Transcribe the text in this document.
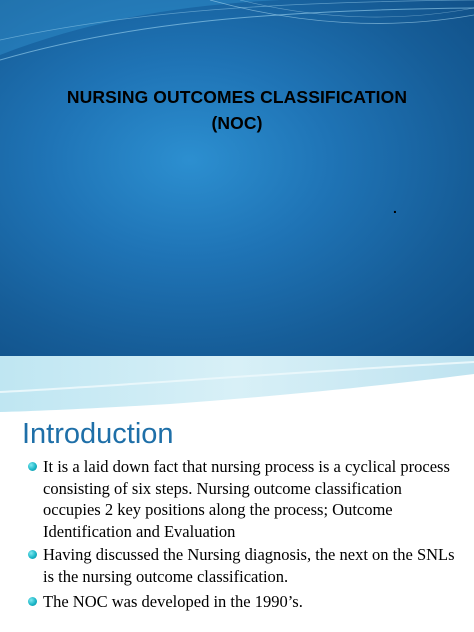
NURSING OUTCOMES CLASSIFICATION
(NOC)
.
Introduction
It is a laid down fact that nursing process is a cyclical process consisting of six steps. Nursing outcome classification occupies 2 key positions along the process; Outcome Identification and Evaluation
Having discussed the Nursing diagnosis, the next on the SNLs is the nursing outcome classification.
The NOC was developed in the 1990’s.
